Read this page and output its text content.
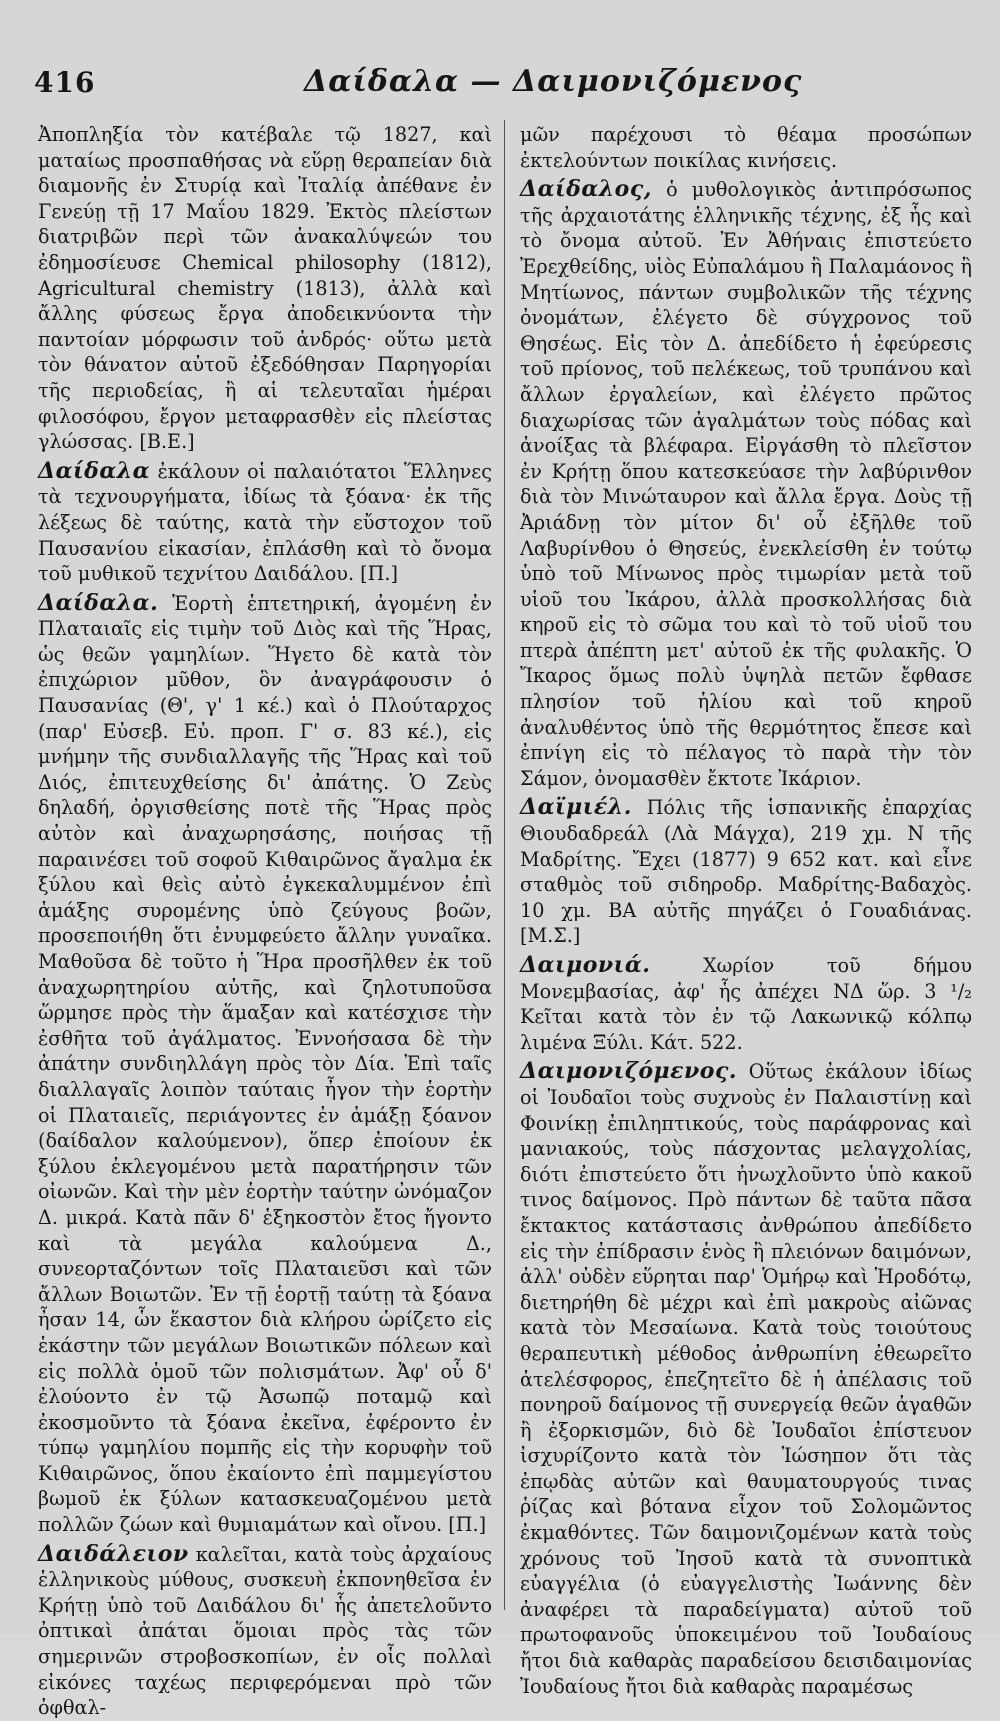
416	Δαίδαλα — Δαιμονιζόμενος

Ἀποπληξία τὸν κατέβαλε τῷ 1827, καὶ ματαίως προσπαθήσας νὰ εὕρῃ θεραπείαν διὰ διαμονῆς ἐν Στυρίᾳ καὶ Ἰταλίᾳ ἀπέθανε ἐν Γενεύῃ τῇ 17 Μαΐου 1829. Ἐκτὸς πλείστων διατριβῶν περὶ τῶν ἀνακαλύψεών του ἐδημοσίευσε Chemical philosophy (1812), Agricultural chemistry (1813), ἀλλὰ καὶ ἄλλης φύσεως ἔργα ἀποδεικνύοντα τὴν παντοίαν μόρφωσιν τοῦ ἀνδρός· οὕτω μετὰ τὸν θάνατον αὐτοῦ ἐξεδόθησαν Παρηγορίαι τῆς περιοδείας, ἢ αἱ τελευταῖαι ἡμέραι φιλοσόφου, ἔργον μεταφρασθὲν εἰς πλείστας γλώσσας. [Β.Ε.]

Δαίδαλα ἐκάλουν οἱ παλαιότατοι Ἕλληνες τὰ τεχνουργήματα, ἰδίως τὰ ξόανα· ἐκ τῆς λέξεως δὲ ταύτης, κατὰ τὴν εὔστοχον τοῦ Παυσανίου εἰκασίαν, ἐπλάσθη καὶ τὸ ὄνομα τοῦ μυθικοῦ τεχνίτου Δαιδάλου. [Π.]

Δαίδαλα. Ἑορτὴ ἑπτετηρική, ἀγομένη ἐν Πλαταιαῖς εἰς τιμὴν τοῦ Διὸς καὶ τῆς Ἥρας, ὡς θεῶν γαμηλίων. Ἥγετο δὲ κατὰ τὸν ἐπιχώριον μῦθον, ὃν ἀναγράφουσιν ὁ Παυσανίας (Θ', γ' 1 κέ.) καὶ ὁ Πλούταρχος (παρ' Εὐσεβ. Εὐ. προπ. Γ' σ. 83 κέ.), εἰς μνήμην τῆς συνδιαλλαγῆς τῆς Ἥρας καὶ τοῦ Διός, ἐπιτευχθείσης δι' ἀπάτης. Ὁ Ζεὺς δηλαδή, ὀργισθείσης ποτὲ τῆς Ἥρας πρὸς αὐτὸν καὶ ἀναχωρησάσης, ποιήσας τῇ παραινέσει τοῦ σοφοῦ Κιθαιρῶνος ἄγαλμα ἐκ ξύλου καὶ θεὶς αὐτὸ ἐγκεκαλυμμένον ἐπὶ ἁμάξης συρομένης ὑπὸ ζεύγους βοῶν, προσεποιήθη ὅτι ἐνυμφεύετο ἄλλην γυναῖκα. Μαθοῦσα δὲ τοῦτο ἡ Ἥρα προσῆλθεν ἐκ τοῦ ἀναχωρητηρίου αὐτῆς, καὶ ζηλοτυποῦσα ὥρμησε πρὸς τὴν ἅμαξαν καὶ κατέσχισε τὴν ἐσθῆτα τοῦ ἀγάλματος. Ἐννοήσασα δὲ τὴν ἀπάτην συνδιηλλάγη πρὸς τὸν Δία. Ἐπὶ ταῖς διαλλαγαῖς λοιπὸν ταύταις ἦγον τὴν ἑορτὴν οἱ Πλαταιεῖς, περιάγοντες ἐν ἁμάξῃ ξόανον (δαίδαλον καλούμενον), ὅπερ ἐποίουν ἐκ ξύλου ἐκλεγομένου μετὰ παρατήρησιν τῶν οἰωνῶν. Καὶ τὴν μὲν ἑορτὴν ταύτην ὠνόμαζον Δ. μικρά. Κατὰ πᾶν δ' ἑξηκοστὸν ἔτος ἤγοντο καὶ τὰ μεγάλα καλούμενα Δ., συνεορταζόντων τοῖς Πλαταιεῦσι καὶ τῶν ἄλλων Βοιωτῶν. Ἐν τῇ ἑορτῇ ταύτῃ τὰ ξόανα ἦσαν 14, ὧν ἕκαστον διὰ κλήρου ὡρίζετο εἰς ἑκάστην τῶν μεγάλων Βοιωτικῶν πόλεων καὶ εἰς πολλὰ ὁμοῦ τῶν πολισμάτων. Ἀφ' οὗ δ' ἐλούοντο ἐν τῷ Ἀσωπῷ ποταμῷ καὶ ἐκοσμοῦντο τὰ ξόανα ἐκεῖνα, ἐφέροντο ἐν τύπῳ γαμηλίου πομπῆς εἰς τὴν κορυφὴν τοῦ Κιθαιρῶνος, ὅπου ἐκαίοντο ἐπὶ παμμεγίστου βωμοῦ ἐκ ξύλων κατασκευαζομένου μετὰ πολλῶν ζώων καὶ θυμιαμάτων καὶ οἴνου. [Π.]

Δαιδάλειον καλεῖται, κατὰ τοὺς ἀρχαίους ἑλληνικοὺς μύθους, συσκευὴ ἐκπονηθεῖσα ἐν Κρήτῃ ὑπὸ τοῦ Δαιδάλου δι' ἧς ἀπετελοῦντο ὀπτικαὶ ἀπάται ὅμοιαι πρὸς τὰς τῶν σημερινῶν στροβοσκοπίων, ἐν οἷς πολλαὶ εἰκόνες ταχέως περιφερόμεναι πρὸ τῶν ὀφθαλ-

μῶν παρέχουσι τὸ θέαμα προσώπων ἐκτελούντων ποικίλας κινήσεις.

Δαίδαλος, ὁ μυθολογικὸς ἀντιπρόσωπος τῆς ἀρχαιοτάτης ἑλληνικῆς τέχνης, ἐξ ἧς καὶ τὸ ὄνομα αὐτοῦ. Ἐν Ἀθήναις ἐπιστεύετο Ἐρεχθείδης, υἱὸς Εὐπαλάμου ἢ Παλαμάονος ἢ Μητίωνος, πάντων συμβολικῶν τῆς τέχνης ὀνομάτων, ἐλέγετο δὲ σύγχρονος τοῦ Θησέως. Εἰς τὸν Δ. ἀπεδίδετο ἡ ἐφεύρεσις τοῦ πρίονος, τοῦ πελέκεως, τοῦ τρυπάνου καὶ ἄλλων ἐργαλείων, καὶ ἐλέγετο πρῶτος διαχωρίσας τῶν ἀγαλμάτων τοὺς πόδας καὶ ἀνοίξας τὰ βλέφαρα. Εἰργάσθη τὸ πλεῖστον ἐν Κρήτῃ ὅπου κατεσκεύασε τὴν λαβύρινθον διὰ τὸν Μινώταυρον καὶ ἄλλα ἔργα. Δοὺς τῇ Ἀριάδνῃ τὸν μίτον δι' οὗ ἐξῆλθε τοῦ Λαβυρίνθου ὁ Θησεύς, ἐνεκλείσθη ἐν τούτῳ ὑπὸ τοῦ Μίνωνος πρὸς τιμωρίαν μετὰ τοῦ υἱοῦ του Ἰκάρου, ἀλλὰ προσκολλήσας διὰ κηροῦ εἰς τὸ σῶμα του καὶ τὸ τοῦ υἱοῦ του πτερὰ ἀπέπτη μετ' αὐτοῦ ἐκ τῆς φυλακῆς. Ὁ Ἴκαρος ὅμως πολὺ ὑψηλὰ πετῶν ἔφθασε πλησίον τοῦ ἡλίου καὶ τοῦ κηροῦ ἀναλυθέντος ὑπὸ τῆς θερμότητος ἔπεσε καὶ ἐπνίγη εἰς τὸ πέλαγος τὸ παρὰ τὴν τὸν Σάμον, ὀνομασθὲν ἔκτοτε Ἰκάριον.

Δαϊμιέλ. Πόλις τῆς ἱσπανικῆς ἐπαρχίας Θιουδαδρεάλ (Λὰ Μάγχα), 219 χμ. Ν τῆς Μαδρίτης. Ἔχει (1877) 9 652 κατ. καὶ εἶνε σταθμὸς τοῦ σιδηροδρ. Μαδρίτης-Βαδαχὸς. 10 χμ. ΒΑ αὐτῆς πηγάζει ὁ Γουαδιάνας. [Μ.Σ.]

Δαιμονιά.	Χωρίον τοῦ δήμου Μονεμβασίας, ἀφ' ἧς ἀπέχει ΝΔ ὥρ. 3 ¹/₂ Κεῖται κατὰ τὸν ἐν τῷ Λακωνικῷ κόλπῳ λιμένα Ξύλι. Κάτ. 522.

Δαιμονιζόμενος. Οὕτως ἐκάλουν ἰδίως οἱ Ἰουδαῖοι τοὺς συχνοὺς ἐν Παλαιστίνῃ καὶ Φοινίκῃ ἐπιληπτικούς, τοὺς παράφρονας καὶ μανιακούς, τοὺς πάσχοντας μελαγχολίας, διότι ἐπιστεύετο ὅτι ἠνωχλοῦντο ὑπὸ κακοῦ τινος δαίμονος. Πρὸ πάντων δὲ ταῦτα πᾶσα ἔκτακτος κατάστασις ἀνθρώπου ἀπεδίδετο εἰς τὴν ἐπίδρασιν ἑνὸς ἢ πλειόνων δαιμόνων, ἀλλ' οὐδὲν εὕρηται παρ' Ὁμήρῳ καὶ Ἡροδότῳ, διετηρήθη δὲ μέχρι καὶ ἐπὶ μακροὺς αἰῶνας κατὰ τὸν Μεσαίωνα. Κατὰ τοὺς τοιούτους θεραπευτικὴ μέθοδος ἀνθρωπίνη ἐθεωρεῖτο ἀτελέσφορος, ἐπεζητεῖτο δὲ ἡ ἀπέλασις τοῦ πονηροῦ δαίμονος τῇ συνεργείᾳ θεῶν ἀγαθῶν ἢ ἐξορκισμῶν, διὸ δὲ Ἰουδαῖοι ἐπίστευον ἰσχυρίζοντο κατὰ τὸν Ἰώσηπον ὅτι τὰς ἐπῳδὰς αὐτῶν καὶ θαυματουργούς τινας ῥίζας καὶ βότανα εἶχον τοῦ Σολομῶντος ἐκμαθόντες. Τῶν δαιμονιζομένων κατὰ τοὺς χρόνους τοῦ Ἰησοῦ κατὰ τὰ συνοπτικὰ εὐαγγέλια (ὁ εὐαγγελιστὴς Ἰωάννης δὲν ἀναφέρει τὰ παραδείγματα) αὐτοῦ τοῦ πρωτοφανοῦς ὑποκειμένου τοῦ Ἰουδαίους ἤτοι διὰ καθαρὰς παραδείσου δεισιδαιμονίας Ἰουδαίους ἤτοι διὰ καθαρὰς παραμέσως
